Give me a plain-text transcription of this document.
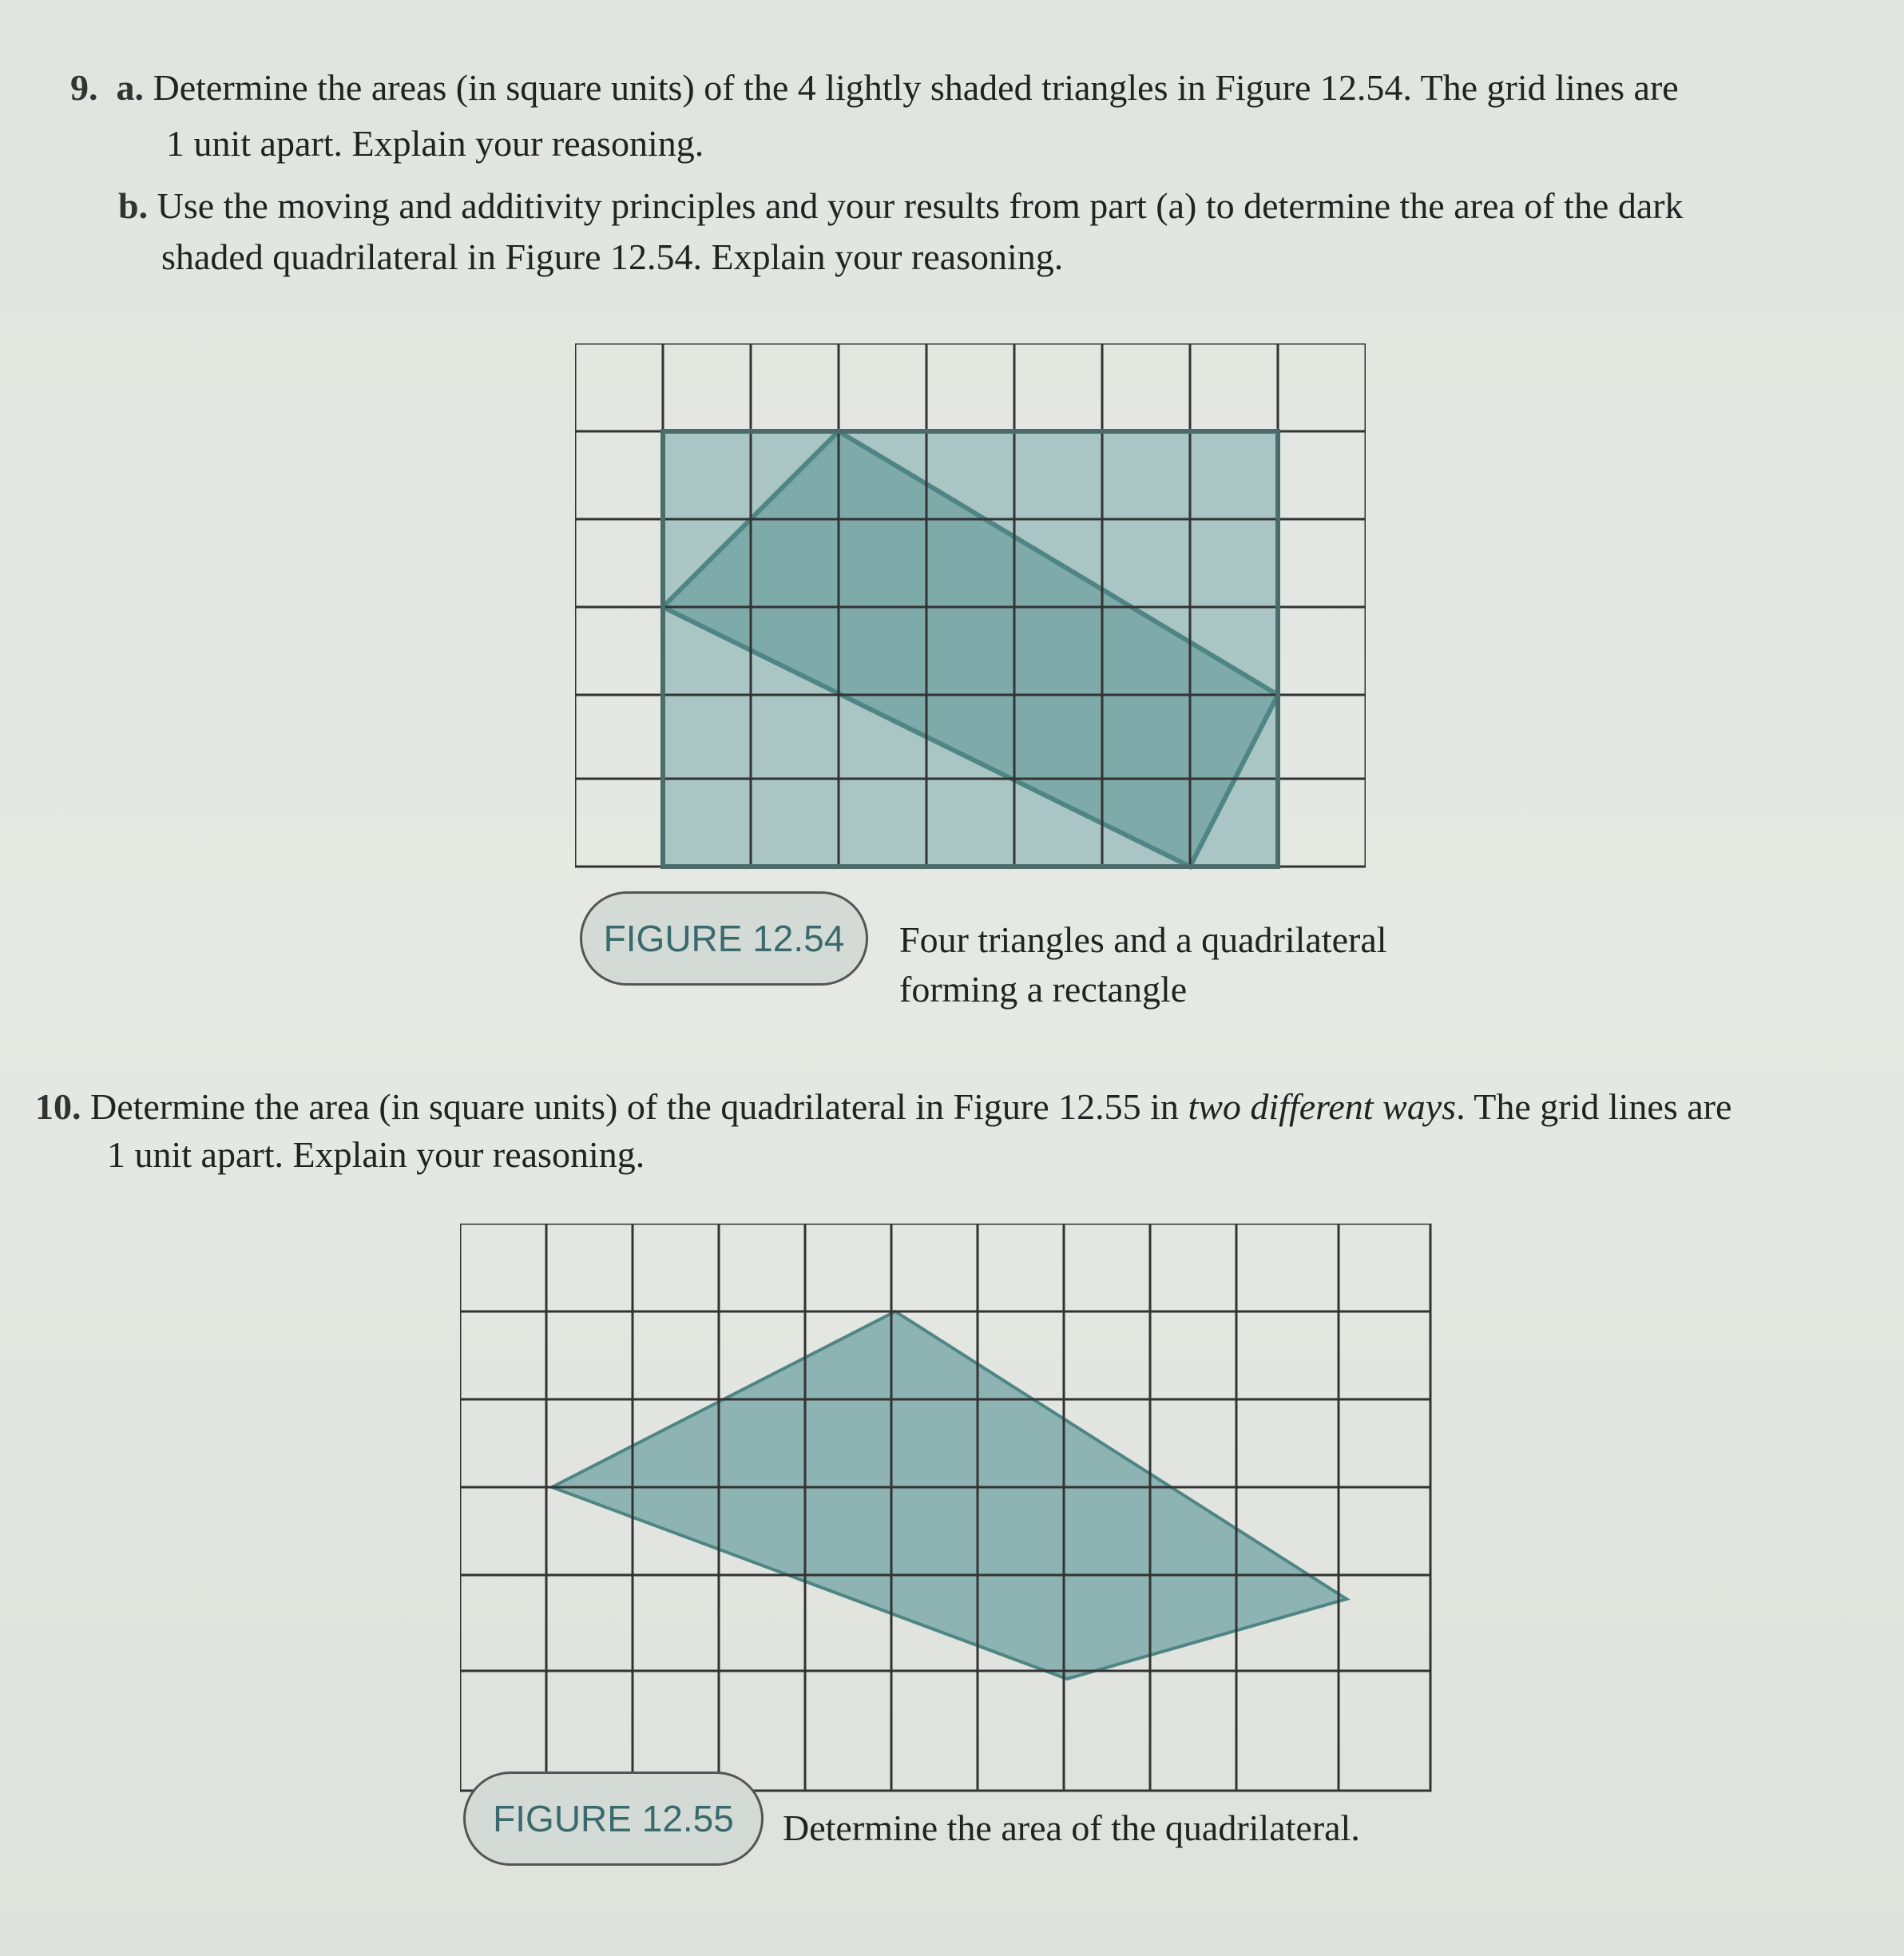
9. a. Determine the areas (in square units) of the 4 lightly shaded triangles in Figure 12.54. The grid lines are
1 unit apart. Explain your reasoning.
b. Use the moving and additivity principles and your results from part (a) to determine the area of the dark
shaded quadrilateral in Figure 12.54. Explain your reasoning.
FIGURE 12.54	Four triangles and a quadrilateral
forming a rectangle
10. Determine the area (in square units) of the quadrilateral in Figure 12.55 in two different ways. The grid lines are
1 unit apart. Explain your reasoning.
FIGURE 12.55	Determine the area of the quadrilateral.
